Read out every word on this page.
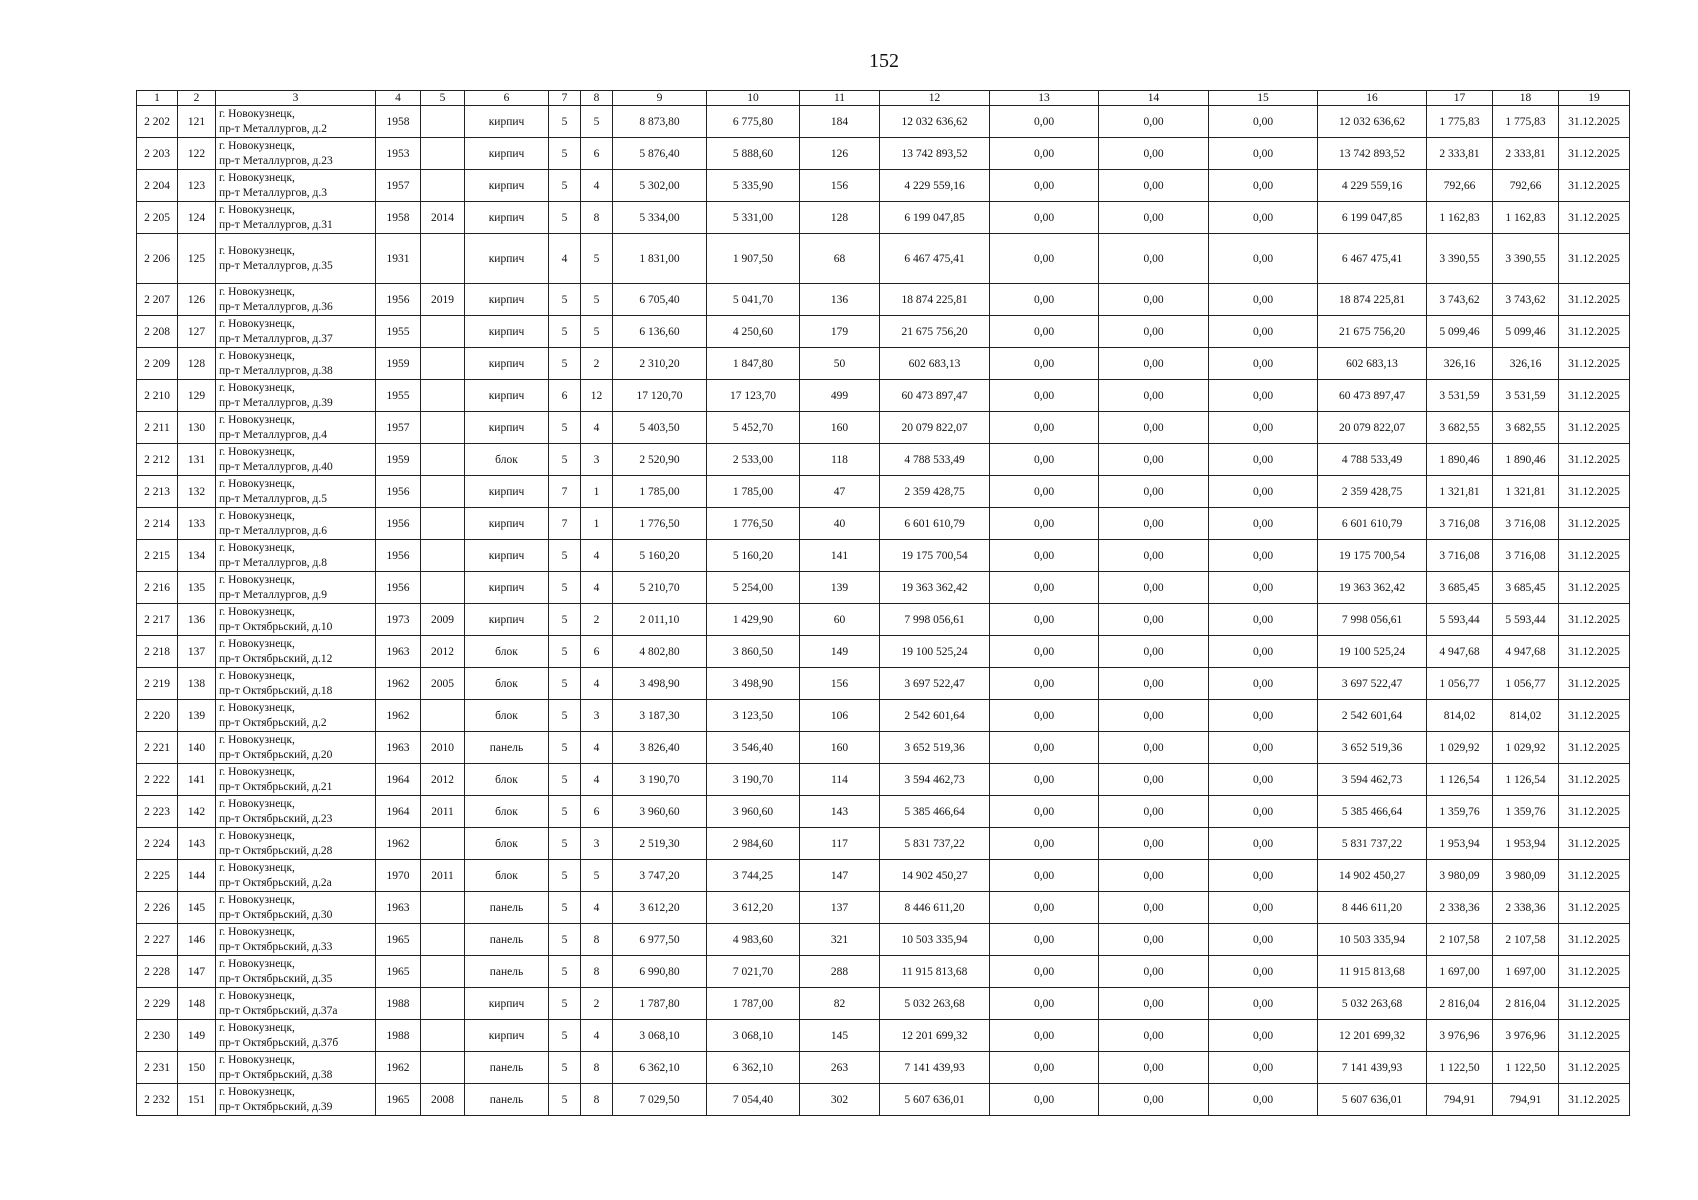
152
1	2	3	4	5	6	7	8	9	10	11	12	13	14	15	16	17	18	19
2 202	121	г. Новокузнецк,
пр-т Металлургов, д.2	1958		кирпич	5	5	8 873,80	6 775,80	184	12 032 636,62	0,00	0,00	0,00	12 032 636,62	1 775,83	1 775,83	31.12.2025
2 203	122	г. Новокузнецк,
пр-т Металлургов, д.23	1953		кирпич	5	6	5 876,40	5 888,60	126	13 742 893,52	0,00	0,00	0,00	13 742 893,52	2 333,81	2 333,81	31.12.2025
2 204	123	г. Новокузнецк,
пр-т Металлургов, д.3	1957		кирпич	5	4	5 302,00	5 335,90	156	4 229 559,16	0,00	0,00	0,00	4 229 559,16	792,66	792,66	31.12.2025
2 205	124	г. Новокузнецк,
пр-т Металлургов, д.31	1958	2014	кирпич	5	8	5 334,00	5 331,00	128	6 199 047,85	0,00	0,00	0,00	6 199 047,85	1 162,83	1 162,83	31.12.2025
2 206	125	г. Новокузнецк,
пр-т Металлургов, д.35	1931		кирпич	4	5	1 831,00	1 907,50	68	6 467 475,41	0,00	0,00	0,00	6 467 475,41	3 390,55	3 390,55	31.12.2025
2 207	126	г. Новокузнецк,
пр-т Металлургов, д.36	1956	2019	кирпич	5	5	6 705,40	5 041,70	136	18 874 225,81	0,00	0,00	0,00	18 874 225,81	3 743,62	3 743,62	31.12.2025
2 208	127	г. Новокузнецк,
пр-т Металлургов, д.37	1955		кирпич	5	5	6 136,60	4 250,60	179	21 675 756,20	0,00	0,00	0,00	21 675 756,20	5 099,46	5 099,46	31.12.2025
2 209	128	г. Новокузнецк,
пр-т Металлургов, д.38	1959		кирпич	5	2	2 310,20	1 847,80	50	602 683,13	0,00	0,00	0,00	602 683,13	326,16	326,16	31.12.2025
2 210	129	г. Новокузнецк,
пр-т Металлургов, д.39	1955		кирпич	6	12	17 120,70	17 123,70	499	60 473 897,47	0,00	0,00	0,00	60 473 897,47	3 531,59	3 531,59	31.12.2025
2 211	130	г. Новокузнецк,
пр-т Металлургов, д.4	1957		кирпич	5	4	5 403,50	5 452,70	160	20 079 822,07	0,00	0,00	0,00	20 079 822,07	3 682,55	3 682,55	31.12.2025
2 212	131	г. Новокузнецк,
пр-т Металлургов, д.40	1959		блок	5	3	2 520,90	2 533,00	118	4 788 533,49	0,00	0,00	0,00	4 788 533,49	1 890,46	1 890,46	31.12.2025
2 213	132	г. Новокузнецк,
пр-т Металлургов, д.5	1956		кирпич	7	1	1 785,00	1 785,00	47	2 359 428,75	0,00	0,00	0,00	2 359 428,75	1 321,81	1 321,81	31.12.2025
2 214	133	г. Новокузнецк,
пр-т Металлургов, д.6	1956		кирпич	7	1	1 776,50	1 776,50	40	6 601 610,79	0,00	0,00	0,00	6 601 610,79	3 716,08	3 716,08	31.12.2025
2 215	134	г. Новокузнецк,
пр-т Металлургов, д.8	1956		кирпич	5	4	5 160,20	5 160,20	141	19 175 700,54	0,00	0,00	0,00	19 175 700,54	3 716,08	3 716,08	31.12.2025
2 216	135	г. Новокузнецк,
пр-т Металлургов, д.9	1956		кирпич	5	4	5 210,70	5 254,00	139	19 363 362,42	0,00	0,00	0,00	19 363 362,42	3 685,45	3 685,45	31.12.2025
2 217	136	г. Новокузнецк,
пр-т Октябрьский, д.10	1973	2009	кирпич	5	2	2 011,10	1 429,90	60	7 998 056,61	0,00	0,00	0,00	7 998 056,61	5 593,44	5 593,44	31.12.2025
2 218	137	г. Новокузнецк,
пр-т Октябрьский, д.12	1963	2012	блок	5	6	4 802,80	3 860,50	149	19 100 525,24	0,00	0,00	0,00	19 100 525,24	4 947,68	4 947,68	31.12.2025
2 219	138	г. Новокузнецк,
пр-т Октябрьский, д.18	1962	2005	блок	5	4	3 498,90	3 498,90	156	3 697 522,47	0,00	0,00	0,00	3 697 522,47	1 056,77	1 056,77	31.12.2025
2 220	139	г. Новокузнецк,
пр-т Октябрьский, д.2	1962		блок	5	3	3 187,30	3 123,50	106	2 542 601,64	0,00	0,00	0,00	2 542 601,64	814,02	814,02	31.12.2025
2 221	140	г. Новокузнецк,
пр-т Октябрьский, д.20	1963	2010	панель	5	4	3 826,40	3 546,40	160	3 652 519,36	0,00	0,00	0,00	3 652 519,36	1 029,92	1 029,92	31.12.2025
2 222	141	г. Новокузнецк,
пр-т Октябрьский, д.21	1964	2012	блок	5	4	3 190,70	3 190,70	114	3 594 462,73	0,00	0,00	0,00	3 594 462,73	1 126,54	1 126,54	31.12.2025
2 223	142	г. Новокузнецк,
пр-т Октябрьский, д.23	1964	2011	блок	5	6	3 960,60	3 960,60	143	5 385 466,64	0,00	0,00	0,00	5 385 466,64	1 359,76	1 359,76	31.12.2025
2 224	143	г. Новокузнецк,
пр-т Октябрьский, д.28	1962		блок	5	3	2 519,30	2 984,60	117	5 831 737,22	0,00	0,00	0,00	5 831 737,22	1 953,94	1 953,94	31.12.2025
2 225	144	г. Новокузнецк,
пр-т Октябрьский, д.2а	1970	2011	блок	5	5	3 747,20	3 744,25	147	14 902 450,27	0,00	0,00	0,00	14 902 450,27	3 980,09	3 980,09	31.12.2025
2 226	145	г. Новокузнецк,
пр-т Октябрьский, д.30	1963		панель	5	4	3 612,20	3 612,20	137	8 446 611,20	0,00	0,00	0,00	8 446 611,20	2 338,36	2 338,36	31.12.2025
2 227	146	г. Новокузнецк,
пр-т Октябрьский, д.33	1965		панель	5	8	6 977,50	4 983,60	321	10 503 335,94	0,00	0,00	0,00	10 503 335,94	2 107,58	2 107,58	31.12.2025
2 228	147	г. Новокузнецк,
пр-т Октябрьский, д.35	1965		панель	5	8	6 990,80	7 021,70	288	11 915 813,68	0,00	0,00	0,00	11 915 813,68	1 697,00	1 697,00	31.12.2025
2 229	148	г. Новокузнецк,
пр-т Октябрьский, д.37а	1988		кирпич	5	2	1 787,80	1 787,00	82	5 032 263,68	0,00	0,00	0,00	5 032 263,68	2 816,04	2 816,04	31.12.2025
2 230	149	г. Новокузнецк,
пр-т Октябрьский, д.37б	1988		кирпич	5	4	3 068,10	3 068,10	145	12 201 699,32	0,00	0,00	0,00	12 201 699,32	3 976,96	3 976,96	31.12.2025
2 231	150	г. Новокузнецк,
пр-т Октябрьский, д.38	1962		панель	5	8	6 362,10	6 362,10	263	7 141 439,93	0,00	0,00	0,00	7 141 439,93	1 122,50	1 122,50	31.12.2025
2 232	151	г. Новокузнецк,
пр-т Октябрьский, д.39	1965	2008	панель	5	8	7 029,50	7 054,40	302	5 607 636,01	0,00	0,00	0,00	5 607 636,01	794,91	794,91	31.12.2025
